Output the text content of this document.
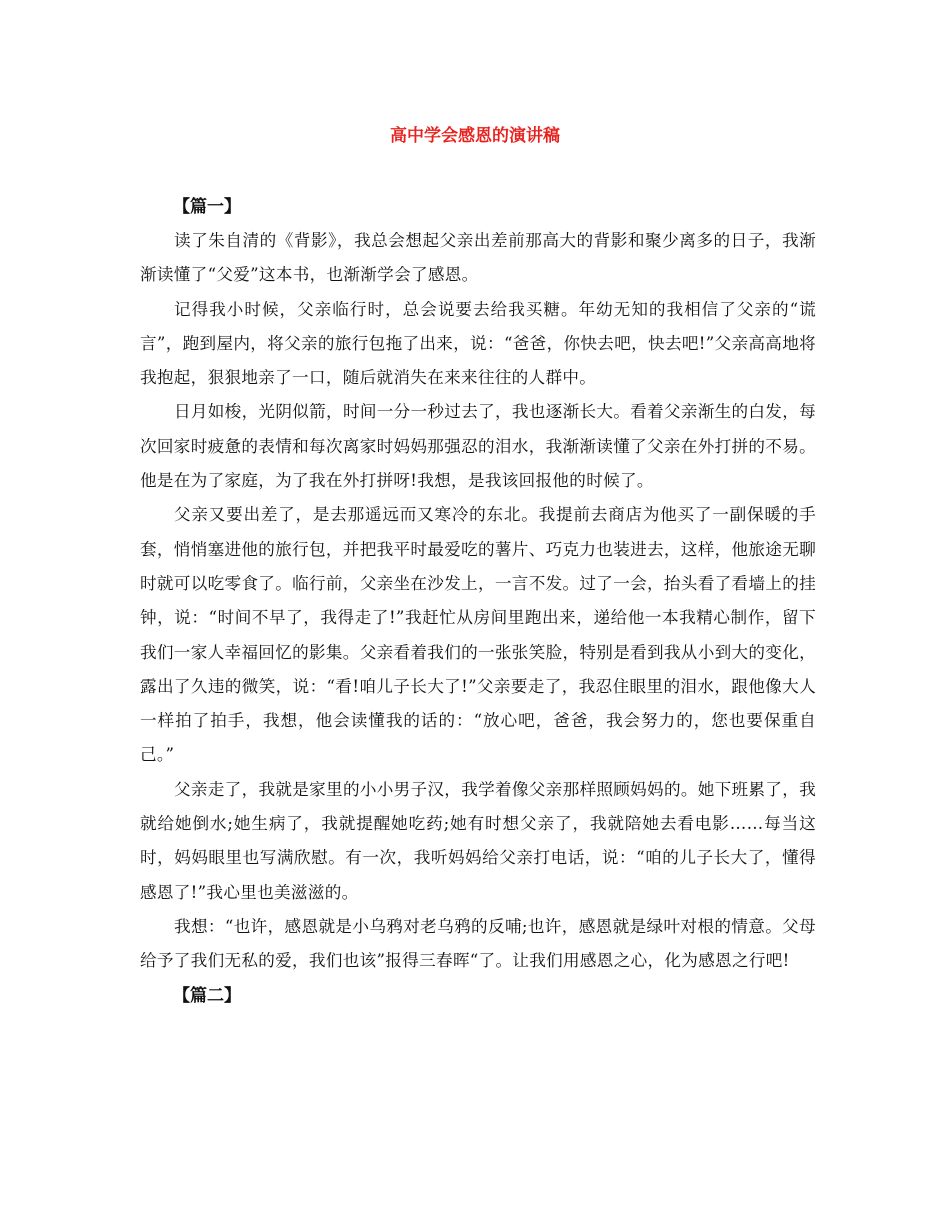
高中学会感恩的演讲稿

【篇一】

读了朱自清的《背影》，我总会想起父亲出差前那高大的背影和聚少离多的日子，我渐渐读懂了“父爱”这本书，也渐渐学会了感恩。

记得我小时候，父亲临行时，总会说要去给我买糖。年幼无知的我相信了父亲的“谎言”，跑到屋内，将父亲的旅行包拖了出来，说：“爸爸，你快去吧，快去吧!”父亲高高地将我抱起，狠狠地亲了一口，随后就消失在来来往往的人群中。

日月如梭，光阴似箭，时间一分一秒过去了，我也逐渐长大。看着父亲渐生的白发，每次回家时疲惫的表情和每次离家时妈妈那强忍的泪水，我渐渐读懂了父亲在外打拼的不易。他是在为了家庭，为了我在外打拼呀!我想，是我该回报他的时候了。

父亲又要出差了，是去那遥远而又寒冷的东北。我提前去商店为他买了一副保暖的手套，悄悄塞进他的旅行包，并把我平时最爱吃的薯片、巧克力也装进去，这样，他旅途无聊时就可以吃零食了。临行前，父亲坐在沙发上，一言不发。过了一会，抬头看了看墙上的挂钟，说：“时间不早了，我得走了!”我赶忙从房间里跑出来，递给他一本我精心制作，留下我们一家人幸福回忆的影集。父亲看着我们的一张张笑脸，特别是看到我从小到大的变化，露出了久违的微笑，说：“看!咱儿子长大了!”父亲要走了，我忍住眼里的泪水，跟他像大人一样拍了拍手，我想，他会读懂我的话的：“放心吧，爸爸，我会努力的，您也要保重自己。”

父亲走了，我就是家里的小小男子汉，我学着像父亲那样照顾妈妈的。她下班累了，我就给她倒水;她生病了，我就提醒她吃药;她有时想父亲了，我就陪她去看电影……每当这时，妈妈眼里也写满欣慰。有一次，我听妈妈给父亲打电话，说：“咱的儿子长大了，懂得感恩了!”我心里也美滋滋的。

我想：“也许，感恩就是小乌鸦对老乌鸦的反哺;也许，感恩就是绿叶对根的情意。父母给予了我们无私的爱，我们也该”报得三春晖“了。让我们用感恩之心，化为感恩之行吧!

【篇二】
